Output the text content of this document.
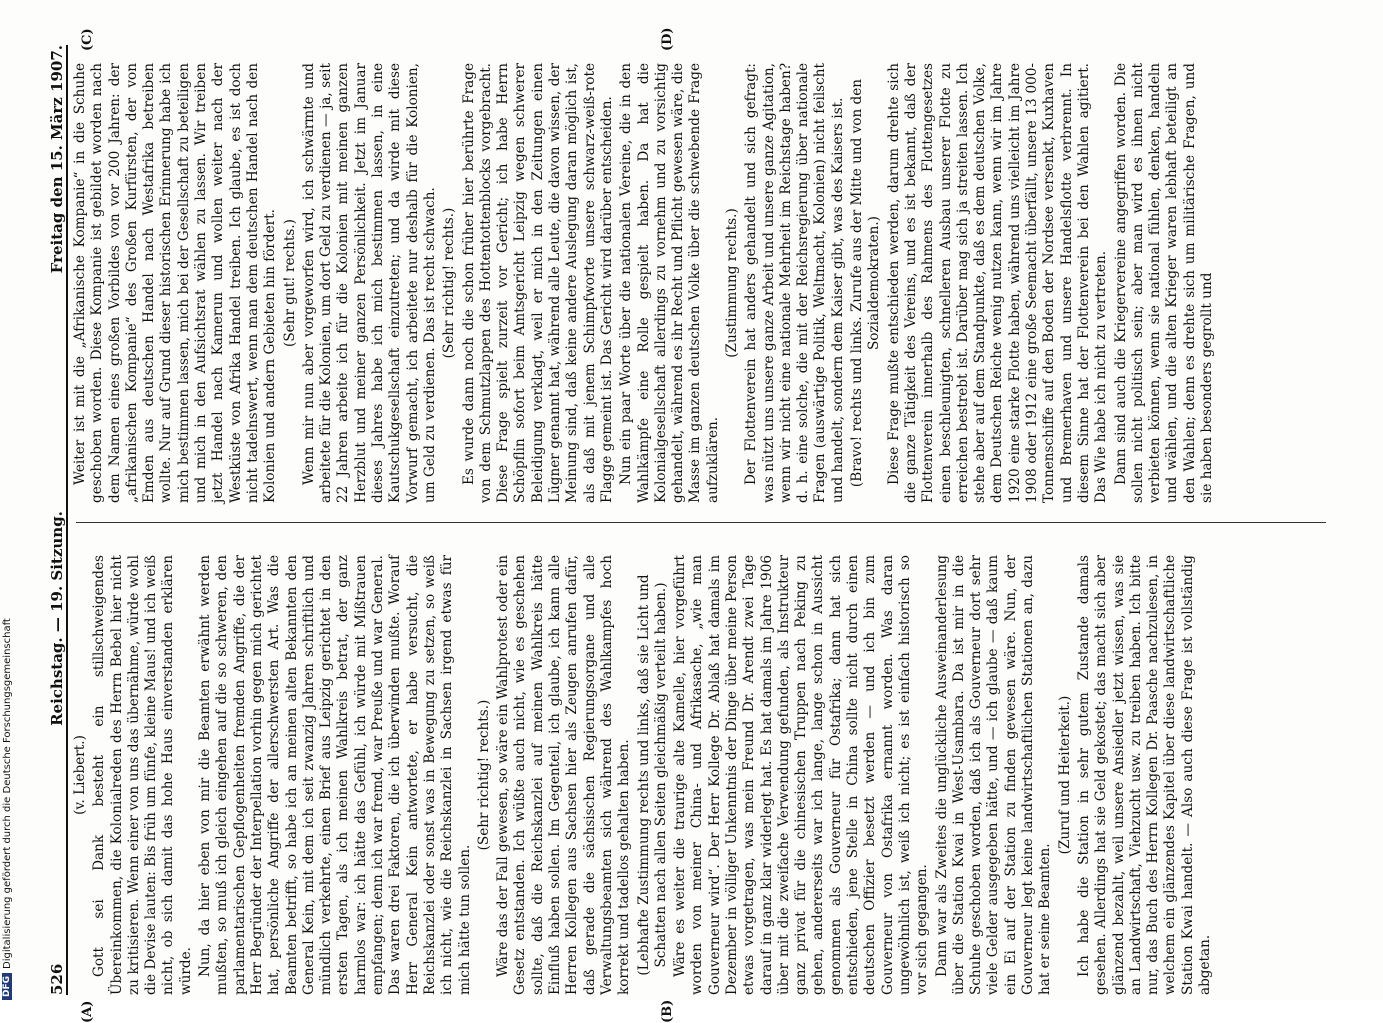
526
Reichstag. — 19. Sitzung.
Freitag den 15. März 1907.

(v. Liebert.) Gott sei Dank besteht ein stillschweigendes Übereinkommen, die Kolonialreden des Herrn Bebel hier nicht zu kritisieren. Wenn einer von uns das übernähme, würde wohl die Devise lauten: Bis früh um fünfe, kleine Maus! und ich weiß nicht, ob sich damit das hohe Haus einverstanden erklären würde. Nun, da hier eben von mir die Beamten erwähnt werden mußten, so muß ich gleich eingehen auf die so schweren, den parlamentarischen Gepflogenheiten fremden Angriffe, die der Herr Begründer der Interpellation vorhin gegen mich gerichtet hat, persönliche Angriffe der allerschwersten Art. Was die Beamten betrifft, so habe ich an meinen alten Bekannten den General Kein, mit dem ich seit zwanzig Jahren schriftlich und mündlich verkehrte, einen Brief aus Leipzig gerichtet in den ersten Tagen, als ich meinen Wahlkreis betrat, der ganz harmlos war: ich hätte das Gefühl, ich würde mit Mißtrauen empfangen; denn ich war fremd, war Preuße und war General. Das waren drei Faktoren, die ich überwinden mußte. Worauf Herr General Kein antwortete, er habe versucht, die Reichskanzlei oder sonst was in Bewegung zu setzen, so weiß ich nicht, wie die Reichskanzlei in Sachsen irgend etwas für mich hätte tun sollen.

(Sehr richtig! rechts.) Wäre das der Fall gewesen, so wäre ein Wahlprotest oder ein Gesetz entstanden. Ich wüßte auch nicht, wie es geschehen sollte, daß die Reichskanzlei auf meinen Wahlkreis hätte Einfluß haben sollen. Im Gegenteil, ich glaube, ich kann alle Herren Kollegen aus Sachsen hier als Zeugen anrufen dafür, daß gerade die sächsischen Regierungsorgane und alle Verwaltungsbeamten sich während des Wahlkampfes hoch korrekt und tadellos gehalten haben. (Lebhafte Zustimmung rechts und links, daß sie Licht und Schatten nach allen Seiten gleichmäßig verteilt haben.) Wäre es weiter die traurige alte Kamelle, hier vorgeführt worden von meiner China- und Afrikasache, „wie man Gouverneur wird“. Der Herr Kollege Dr. Ablaß hat damals im Dezember in völliger Unkenntnis der Dinge über meine Person etwas vorgetragen, was mein Freund Dr. Arendt zwei Tage darauf in ganz klar widerlegt hat. Es hat damals im Jahre 1906 über mit die zweifache Verwendung gefunden, als Instrukteur ganz privat für die chinesischen Truppen nach Peking zu gehen, andererseits war ich lange, lange schon in Aussicht genommen als Gouverneur für Ostafrika; dann hat sich entschieden, jene Stelle in China sollte nicht durch einen deutschen Offizier besetzt werden — und ich bin zum Gouverneur von Ostafrika ernannt worden. Was daran ungewöhnlich ist, weiß ich nicht; es ist einfach historisch so vor sich gegangen. Dann war als Zweites die unglückliche Ausweinanderlesung über die Station Kwai in West-Usambara. Da ist mir in die Schuhe geschoben worden, daß ich als Gouverneur dort sehr viele Gelder ausgegeben hätte, und — ich glaube — daß kaum ein Ei auf der Station zu finden gewesen wäre. Nun, der Gouverneur legt keine landwirtschaftlichen Stationen an, dazu hat er seine Beamten.

(Zuruf und Heiterkeit.) Ich habe die Station in sehr gutem Zustande damals gesehen. Allerdings hat sie Geld gekostet; das macht sich aber glänzend bezahlt, weil unsere Ansiedler jetzt wissen, was sie an Landwirtschaft, Viehzucht usw. zu treiben haben. Ich bitte nur, das Buch des Herrn Kollegen Dr. Paasche nachzulesen, in welchem ein glänzendes Kapitel über diese landwirtschaftliche Station Kwai handelt. — Also auch diese Frage ist vollständig abgetan.

Weiter ist mit die „Afrikanische Kompanie“ in die Schuhe geschoben worden. Diese Kompanie ist gebildet worden nach dem Namen eines großen Vorbildes von vor 200 Jahren: der „afrikanischen Kompanie“ des Großen Kurfürsten, der von Emden aus deutschen Handel nach Westafrika betreiben wollte. Nur auf Grund dieser historischen Erinnerung habe ich mich bestimmen lassen, mich bei der Gesellschaft zu beteiligen und mich in den Aufsichtsrat wählen zu lassen. Wir treiben jetzt Handel nach Kamerun und wollen weiter nach der Westküste von Afrika Handel treiben. Ich glaube, es ist doch nicht tadelnswert, wenn man dem deutschen Handel nach den Kolonien und andern Gebieten hin fördert. (Sehr gut! rechts.) Wenn mir nun aber vorgeworfen wird, ich schwärmte und arbeitete für die Kolonien, um dort Geld zu verdienen — ja, seit 22 Jahren arbeite ich für die Kolonien mit meinen ganzen Herzblut und meiner ganzen Persönlichkeit. Jetzt im Januar dieses Jahres habe ich mich bestimmen lassen, in eine Kautschukgesellschaft einzutreten; und da wirde mit diese Vorwurf gemacht, ich arbeitete nur deshalb für die Kolonien, um Geld zu verdienen. Das ist recht schwach. (Sehr richtig! rechts.) Es wurde dann noch die schon früher hier berührte Frage von dem Schmutzlappen des Hottentottenblocks vorgebracht. Diese Frage spielt zurzeit vor Gericht; ich habe Herrn Schöpflin sofort beim Amtsgericht Leipzig wegen schwerer Beleidigung verklagt, weil er mich in den Zeitungen einen Lügner genannt hat, während alle Leute, die davon wissen, der Meinung sind, daß keine andere Auslegung daran möglich ist, als daß mit jenem Schimpfworte unsere schwarz-weiß-rote Flagge gemeint ist. Das Gericht wird darüber entscheiden. Nun ein paar Worte über die nationalen Vereine, die in den Wahlkämpfe eine Rolle gespielt haben. Da hat die Kolonialgesellschaft allerdings zu vornehm und zu vorsichtig gehandelt, während es ihr Recht und Pflicht gewesen wäre, die Masse im ganzen deutschen Volke über die schwebende Frage aufzuklären.

(Zustimmung rechts.) Der Flottenverein hat anders gehandelt und sich gefragt: was nützt uns unsere ganze Arbeit und unsere ganze Agitation, wenn wir nicht eine nationale Mehrheit im Reichstage haben? d. h. eine solche, die mit der Reichsregierung über nationale Fragen (auswärtige Politik, Weltmacht, Kolonien) nicht feilscht und handelt, sondern dem Kaiser gibt, was des Kaisers ist. (Bravo! rechts und links. Zurufe aus der Mitte und von den Sozialdemokraten.) Diese Frage mußte entschieden werden, darum drehte sich die ganze Tätigkeit des Vereins, und es ist bekannt, daß der Flottenverein innerhalb des Rahmens des Flottengesetzes einen beschleunigten, schnelleren Ausbau unserer Flotte zu erreichen bestrebt ist. Darüber mag sich ja streiten lassen. Ich stehe aber auf dem Standpunkte, daß es dem deutschen Volke, dem Deutschen Reiche wenig nutzen kann, wenn wir im Jahre 1920 eine starke Flotte haben, während uns vielleicht im Jahre 1908 oder 1912 eine große Seemacht überfällt, unsere 13 000-Tonnenschiffe auf den Boden der Nordsee versenkt, Kuxhaven und Bremerhaven und unsere Handelsflotte verbrennt. In diesem Sinne hat der Flottenverein bei den Wahlen agitiert. Das Wie habe ich nicht zu vertreten. Dann sind auch die Kriegervereine angegriffen worden. Die sollen nicht politisch sein; aber man wird es ihnen nicht verbieten können, wenn sie national fühlen, denken, handeln und wählen, und die alten Krieger waren lebhaft beteiligt an den Wahlen; denn es drehte sich um militärische Fragen, und sie haben besonders gegrollt und

(A)	(B)
(C)	(D)
DFG
Digitalisierung gefördert durch die Deutsche Forschungsgemeinschaft
